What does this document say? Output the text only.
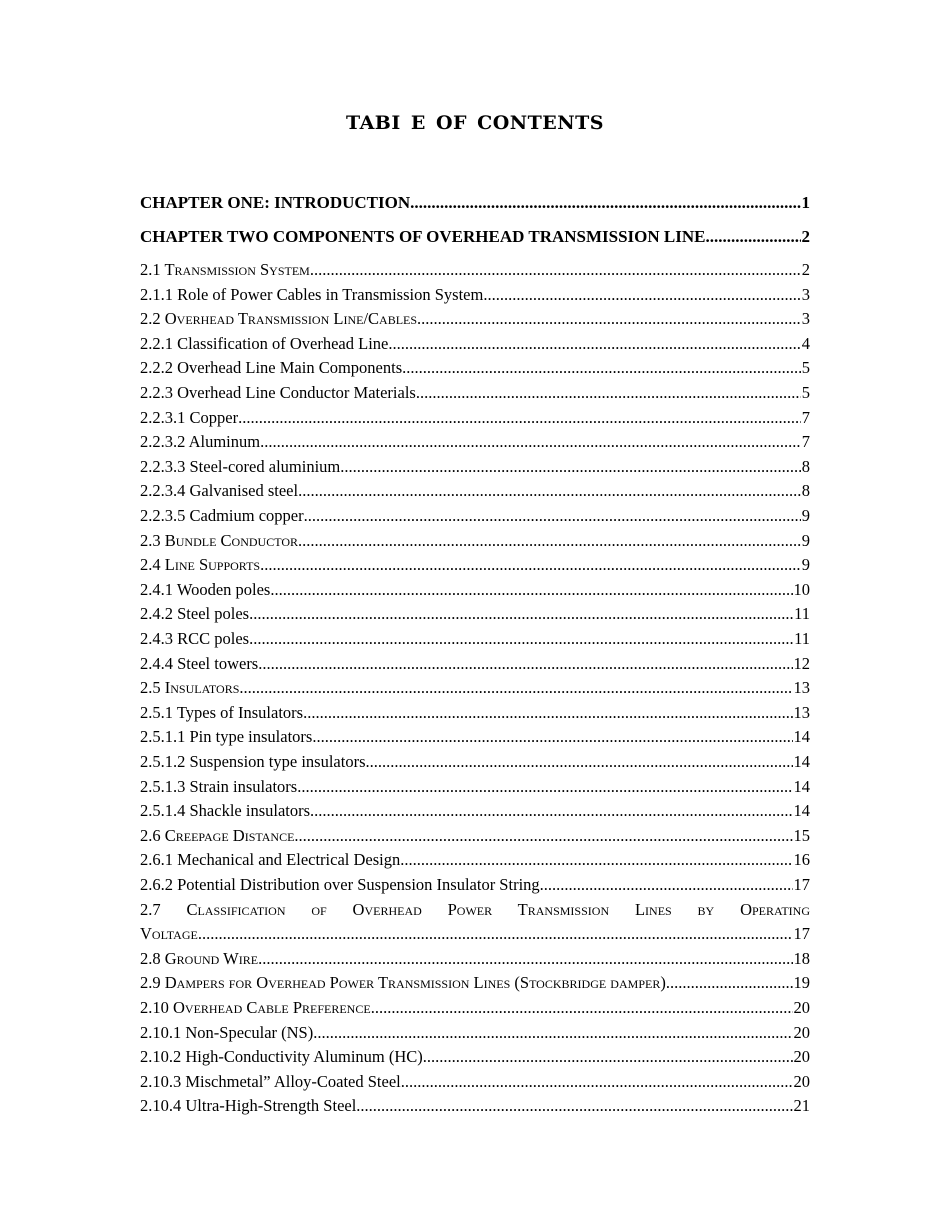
TABI E OF CONTENTS
CHAPTER ONE: INTRODUCTION .....	1
CHAPTER TWO COMPONENTS OF OVERHEAD TRANSMISSION LINE .....	2
2.1 Transmission System .....	2
2.1.1 Role of Power Cables in Transmission System .....	3
2.2 Overhead Transmission Line/Cables .....	3
2.2.1 Classification of Overhead Line .....	4
2.2.2 Overhead Line Main Components .....	5
2.2.3 Overhead Line Conductor Materials .....	5
2.2.3.1 Copper .....	7
2.2.3.2 Aluminum .....	7
2.2.3.3 Steel-cored aluminium .....	8
2.2.3.4 Galvanised steel .....	8
2.2.3.5 Cadmium copper .....	9
2.3 Bundle Conductor .....	9
2.4 Line Supports .....	9
2.4.1 Wooden poles .....	10
2.4.2 Steel poles .....	11
2.4.3 RCC poles .....	11
2.4.4 Steel towers .....	12
2.5 Insulators .....	13
2.5.1 Types of Insulators .....	13
2.5.1.1 Pin type insulators .....	14
2.5.1.2 Suspension type insulators .....	14
2.5.1.3 Strain insulators .....	14
2.5.1.4 Shackle insulators .....	14
2.6 Creepage Distance .....	15
2.6.1 Mechanical and Electrical Design .....	16
2.6.2 Potential Distribution over Suspension Insulator String .....	17
2.7 Classification of Overhead Power Transmission Lines by Operating
Voltage .....	17
2.8 Ground Wire .....	18
2.9 Dampers for Overhead Power Transmission Lines (Stockbridge damper). .....	19
2.10 Overhead Cable Preference .....	20
2.10.1 Non-Specular (NS) .....	20
2.10.2 High-Conductivity Aluminum (HC) .....	20
2.10.3 Mischmetal” Alloy-Coated Steel .....	20
2.10.4 Ultra-High-Strength Steel .....	21
